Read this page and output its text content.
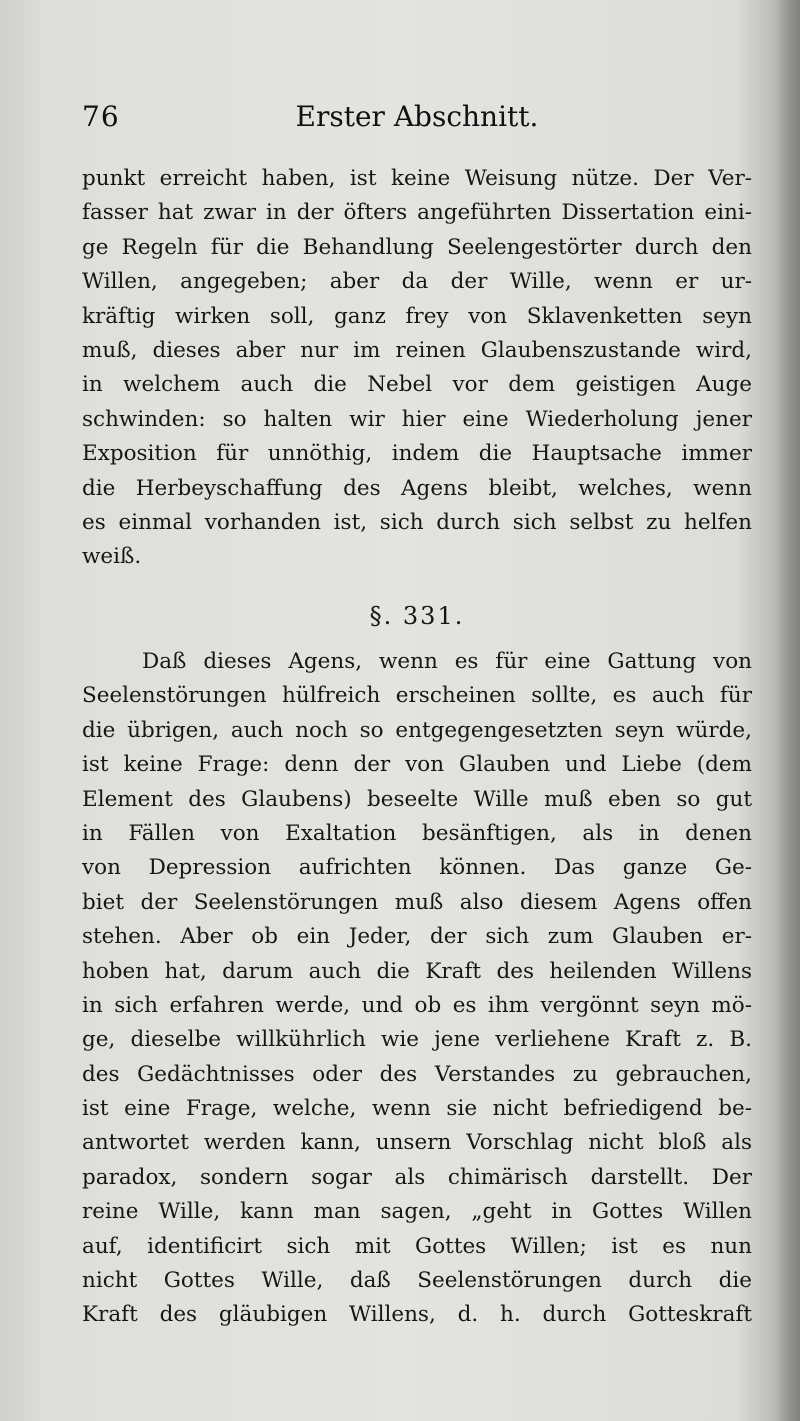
76	Erster Abschnitt.
punkt erreicht haben, ist keine Weisung nütze. Der Ver-
fasser hat zwar in der öfters angeführten Dissertation eini-
ge Regeln für die Behandlung Seelengestörter durch den
Willen, angegeben; aber da der Wille, wenn er ur-
kräftig wirken soll, ganz frey von Sklavenketten seyn
muß, dieses aber nur im reinen Glaubenszustande wird,
in welchem auch die Nebel vor dem geistigen Auge
schwinden: so halten wir hier eine Wiederholung jener
Exposition für unnöthig, indem die Hauptsache immer
die Herbeyschaffung des Agens bleibt, welches, wenn
es einmal vorhanden ist, sich durch sich selbst zu helfen
weiß.
§. 331.
Daß dieses Agens, wenn es für eine Gattung von
Seelenstörungen hülfreich erscheinen sollte, es auch für
die übrigen, auch noch so entgegengesetzten seyn würde,
ist keine Frage: denn der von Glauben und Liebe (dem
Element des Glaubens) beseelte Wille muß eben so gut
in Fällen von Exaltation besänftigen, als in denen
von Depression aufrichten können. Das ganze Ge-
biet der Seelenstörungen muß also diesem Agens offen
stehen. Aber ob ein Jeder, der sich zum Glauben er-
hoben hat, darum auch die Kraft des heilenden Willens
in sich erfahren werde, und ob es ihm vergönnt seyn mö-
ge, dieselbe willkührlich wie jene verliehene Kraft z. B.
des Gedächtnisses oder des Verstandes zu gebrauchen,
ist eine Frage, welche, wenn sie nicht befriedigend be-
antwortet werden kann, unsern Vorschlag nicht bloß als
paradox, sondern sogar als chimärisch darstellt. Der
reine Wille, kann man sagen, „geht in Gottes Willen
auf, identificirt sich mit Gottes Willen; ist es nun
nicht Gottes Wille, daß Seelenstörungen durch die
Kraft des gläubigen Willens, d. h. durch Gotteskraft
